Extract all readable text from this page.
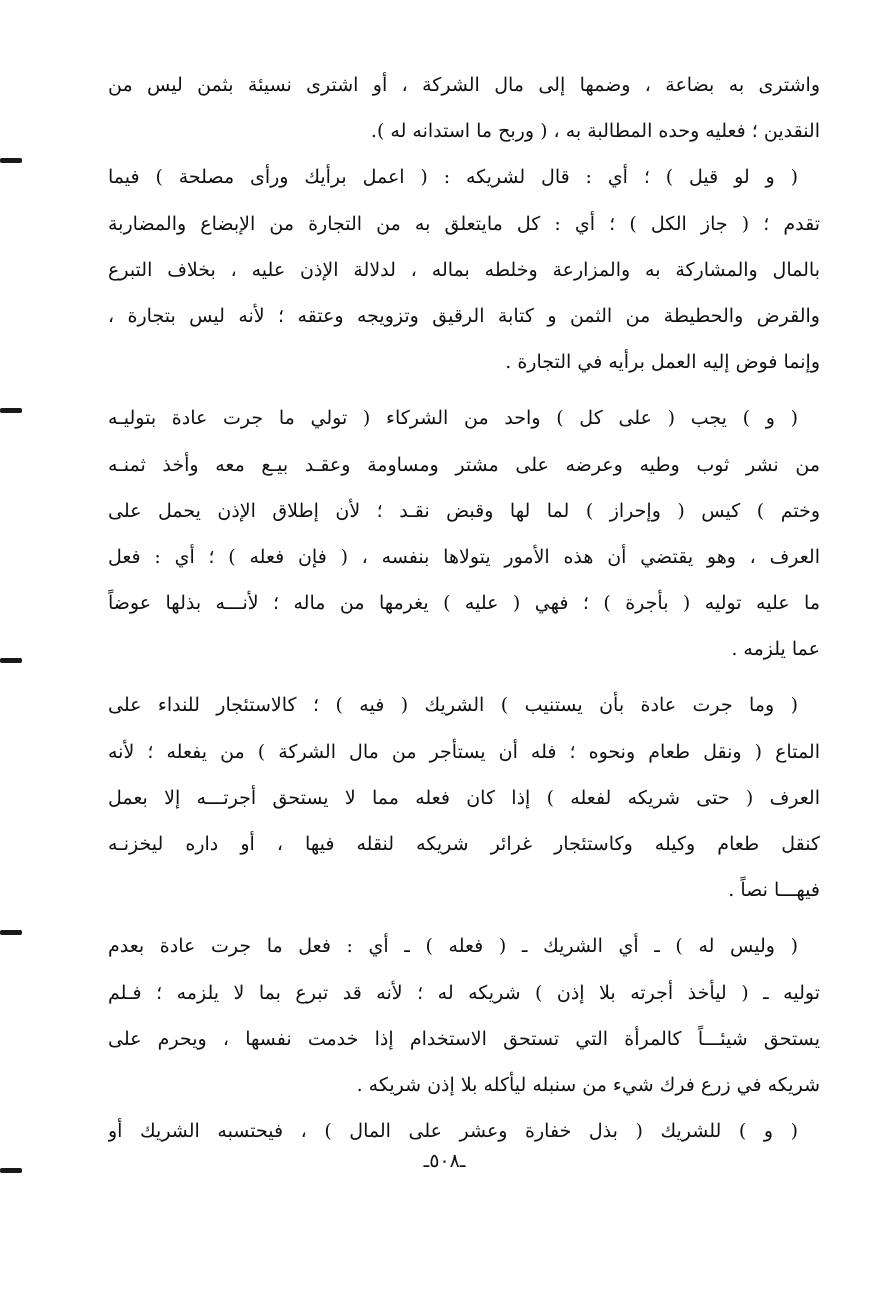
واشترى به بضاعة ، وضمها إلى مال الشركة ، أو اشترى نسيئة بثمن ليس من
النقدين ؛ فعليه وحده المطالبة به ، ( وربح ما استدانه له ).
( و لو قيل ) ؛ أي : قال لشريكه : ( اعمل برأيك ورأى مصلحة ) فيما
تقدم ؛ ( جاز الكل ) ؛ أي : كل مايتعلق به من التجارة من الإبضاع والمضاربة
بالمال والمشاركة به والمزارعة وخلطه بماله ، لدلالة الإذن عليه ، بخلاف التبرع
والقرض والحطيطة من الثمن و كتابة الرقيق وتزويجه وعتقه ؛ لأنه ليس بتجارة ،
وإنما فوض إليه العمل برأيه في التجارة .
( و ) يجب ( على كل ) واحد من الشركاء ( تولي ما جرت عادة بتوليـه
من نشر ثوب وطيه وعرضه على مشتر ومساومة وعقـد بيـع معه وأخذ ثمنـه
وختم ) كيس ( وإحراز ) لما لها وقبض نقـد ؛ لأن إطلاق الإذن يحمل على
العرف ، وهو يقتضي أن هذه الأمور يتولاها بنفسه ، ( فإن فعله ) ؛ أي : فعل
ما عليه توليه ( بأجرة ) ؛ فهي ( عليه ) يغرمها من ماله ؛ لأنـــه بذلها عوضاً
عما يلزمه .
( وما جرت عادة بأن يستنيب ) الشريك ( فيه ) ؛ كالاستئجار للنداء على
المتاع ( ونقل طعام ونحوه ؛ فله أن يستأجر من مال الشركة ) من يفعله ؛ لأنه
العرف ( حتى شريكه لفعله ) إذا كان فعله مما لا يستحق أجرتـــه إلا بعمل
كنقل طعام وكيله وكاستئجار غرائر شريكه لنقله فيها ، أو داره ليخزنـه
فيهـــا نصاً .
( وليس له ) ـ أي الشريك ـ ( فعله ) ـ أي : فعل ما جرت عادة بعدم
توليه ـ ( ليأخذ أجرته بلا إذن ) شريكه له ؛ لأنه قد تبرع بما لا يلزمه ؛ فـلم
يستحق شيئـــاً كالمرأة التي تستحق الاستخدام إذا خدمت نفسها ، ويحرم على
شريكه في زرع فرك شيء من سنبله ليأكله بلا إذن شريكه .
( و ) للشريك ( بذل خفارة وعشر على المال ) ، فيحتسبه الشريك أو
ـ٥٠٨ـ
